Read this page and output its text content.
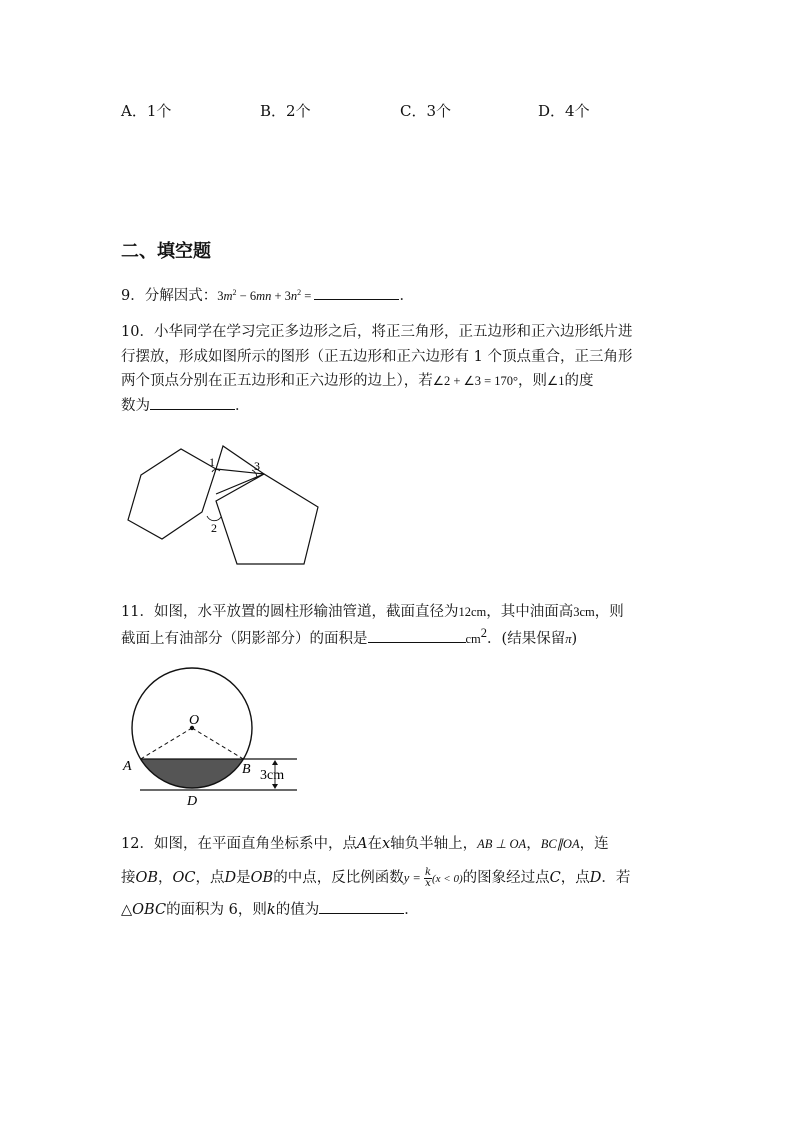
A．1个	B．2个	C．3个	D．4个
二、填空题
9．分解因式：$3m^2 - 6mn + 3n^2$ =	．
10．小华同学在学习完正多边形之后，将正三角形，正五边形和正六边形纸片进
行摆放，形成如图所示的图形（正五边形和正六边形有 1 个顶点重合，正三角形
两个顶点分别在正五边形和正六边形的边上），若∠2 + ∠3 = 170°，则∠1的度
数为	．
1	3
2
11．如图，水平放置的圆柱形输油管道，截面直径为12cm，其中油面高3cm，则
截面上有油部分（阴影部分）的面积是	$cm^2$．(结果保留π)
O
A	B
D
3cm
12．如图，在平面直角坐标系中，点A在x轴负半轴上，AB ⊥ OA，BC∥OA，连
接OB，OC，点D是OB的中点，反比例函数$y = \frac{k}{x} (x < 0)$的图象经过点C，点D．若
△OBC的面积为 6，则k的值为	．
